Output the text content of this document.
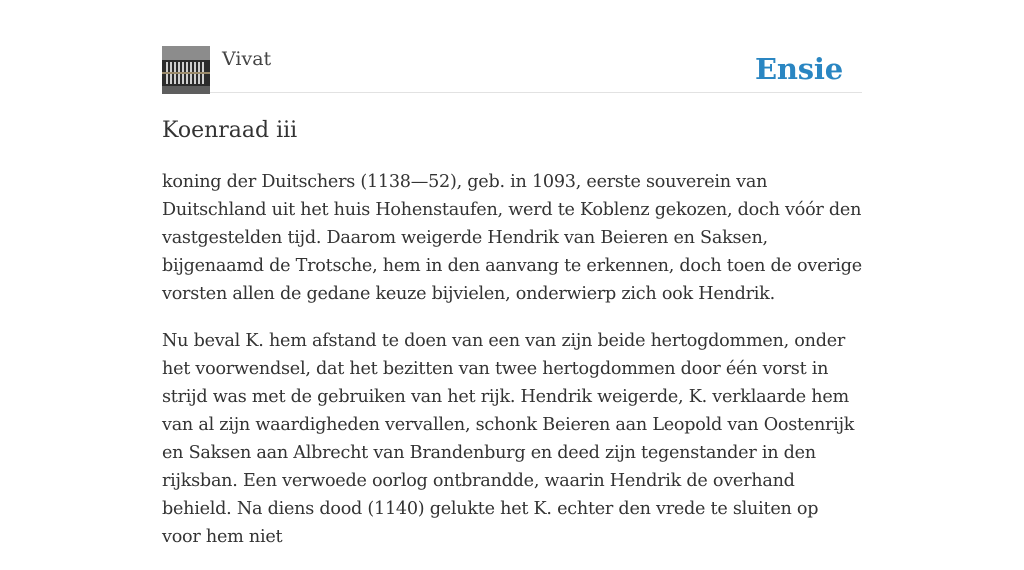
Vivat	Ensie
Koenraad iii

koning der Duitschers (1138—52), geb. in 1093, eerste souverein van Duitschland uit het huis Hohenstaufen, werd te Koblenz gekozen, doch vóór den vastgestelden tijd. Daarom weigerde Hendrik van Beieren en Saksen, bijgenaamd de Trotsche, hem in den aanvang te erkennen, doch toen de overige vorsten allen de gedane keuze bijvielen, onderwierp zich ook Hendrik.

Nu beval K. hem afstand te doen van een van zijn beide hertogdommen, onder het voorwendsel, dat het bezitten van twee hertogdommen door één vorst in strijd was met de gebruiken van het rijk. Hendrik weigerde, K. verklaarde hem van al zijn waardigheden vervallen, schonk Beieren aan Leopold van Oostenrijk en Saksen aan Albrecht van Brandenburg en deed zijn tegenstander in den rijksban. Een verwoede oorlog ontbrandde, waarin Hendrik de overhand behield. Na diens dood (1140) gelukte het K. echter den vrede te sluiten op voor hem niet
